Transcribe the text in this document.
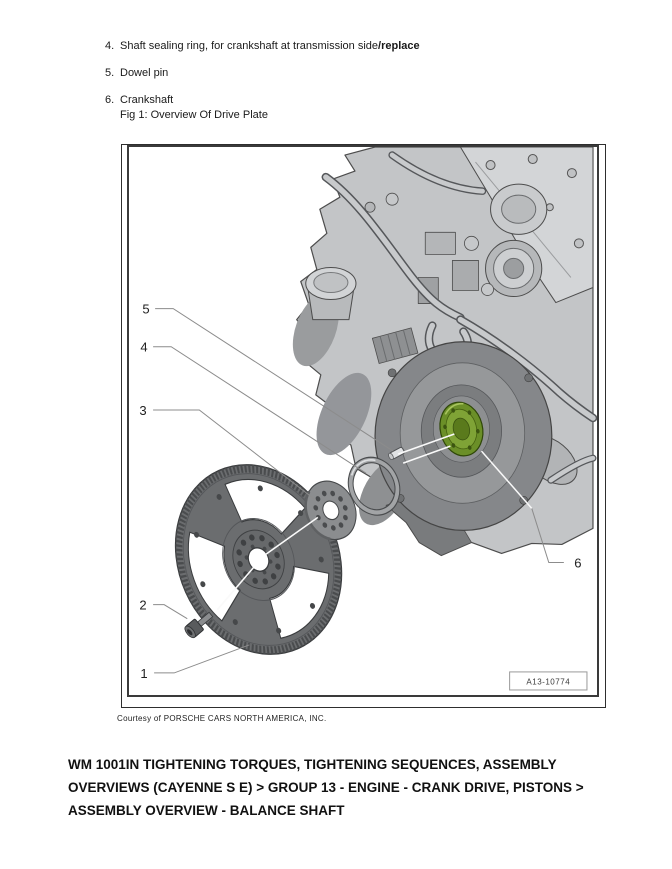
4. Shaft sealing ring, for crankshaft at transmission side/replace
5. Dowel pin
6. Crankshaft
Fig 1: Overview Of Drive Plate
5
4
3
2
1
6
A13-10774
Courtesy of PORSCHE CARS NORTH AMERICA, INC.
WM 1001IN TIGHTENING TORQUES, TIGHTENING SEQUENCES, ASSEMBLY OVERVIEWS (CAYENNE S E) > GROUP 13 - ENGINE - CRANK DRIVE, PISTONS > ASSEMBLY OVERVIEW - BALANCE SHAFT
